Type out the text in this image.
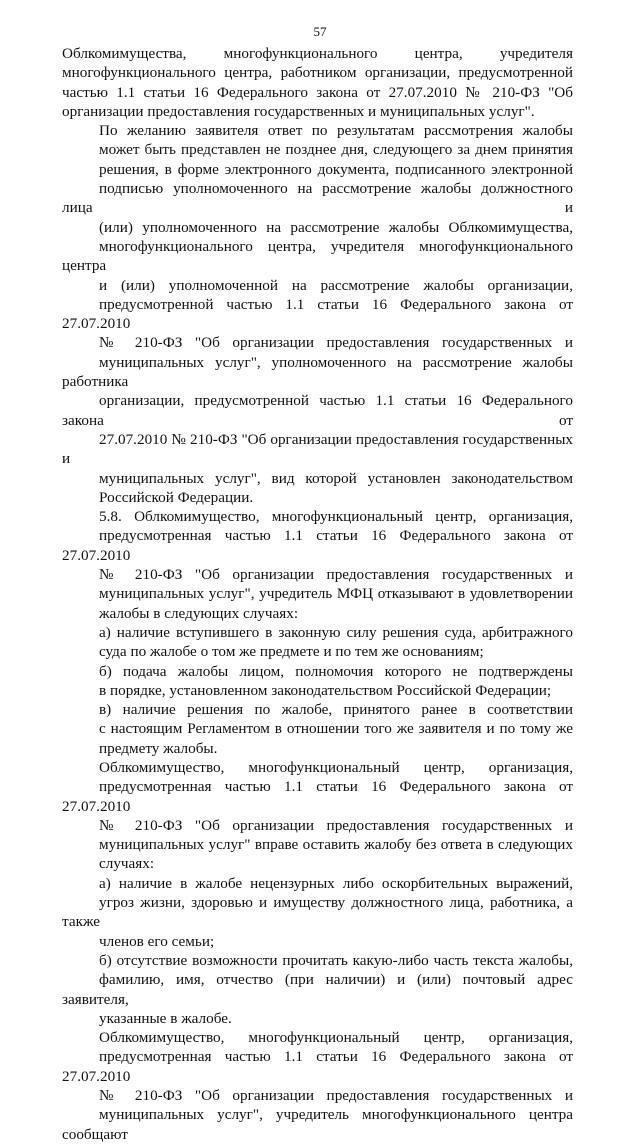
57

Облкомимущества, многофункционального центра, учредителя
многофункционального центра, работником организации, предусмотренной
частью 1.1 статьи 16 Федерального закона от 27.07.2010 № 210-ФЗ "Об
организации предоставления государственных и муниципальных услуг".

По желанию заявителя ответ по результатам рассмотрения жалобы
может быть представлен не позднее дня, следующего за днем принятия
решения, в форме электронного документа, подписанного электронной
подписью уполномоченного на рассмотрение жалобы должностного лица и
(или) уполномоченного на рассмотрение жалобы Облкомимущества,
многофункционального центра, учредителя многофункционального центра
и (или) уполномоченной на рассмотрение жалобы организации,
предусмотренной частью 1.1 статьи 16 Федерального закона от 27.07.2010
№ 210-ФЗ "Об организации предоставления государственных и
муниципальных услуг", уполномоченного на рассмотрение жалобы работника
организации, предусмотренной частью 1.1 статьи 16 Федерального закона от
27.07.2010 № 210-ФЗ "Об организации предоставления государственных и
муниципальных услуг", вид которой установлен законодательством
Российской Федерации.

5.8. Облкомимущество, многофункциональный центр, организация,
предусмотренная частью 1.1 статьи 16 Федерального закона от 27.07.2010
№ 210-ФЗ "Об организации предоставления государственных и
муниципальных услуг", учредитель МФЦ отказывают в удовлетворении
жалобы в следующих случаях:

а) наличие вступившего в законную силу решения суда, арбитражного
суда по жалобе о том же предмете и по тем же основаниям;

б) подача жалобы лицом, полномочия которого не подтверждены
в порядке, установленном законодательством Российской Федерации;

в) наличие решения по жалобе, принятого ранее в соответствии
с настоящим Регламентом в отношении того же заявителя и по тому же
предмету жалобы.

Облкомимущество, многофункциональный центр, организация,
предусмотренная частью 1.1 статьи 16 Федерального закона от 27.07.2010
№ 210-ФЗ "Об организации предоставления государственных и
муниципальных услуг" вправе оставить жалобу без ответа в следующих
случаях:

а) наличие в жалобе нецензурных либо оскорбительных выражений,
угроз жизни, здоровью и имуществу должностного лица, работника, а также
членов его семьи;

б) отсутствие возможности прочитать какую-либо часть текста жалобы,
фамилию, имя, отчество (при наличии) и (или) почтовый адрес заявителя,
указанные в жалобе.

Облкомимущество, многофункциональный центр, организация,
предусмотренная частью 1.1 статьи 16 Федерального закона от 27.07.2010
№ 210-ФЗ "Об организации предоставления государственных и
муниципальных услуг", учредитель многофункционального центра сообщают
